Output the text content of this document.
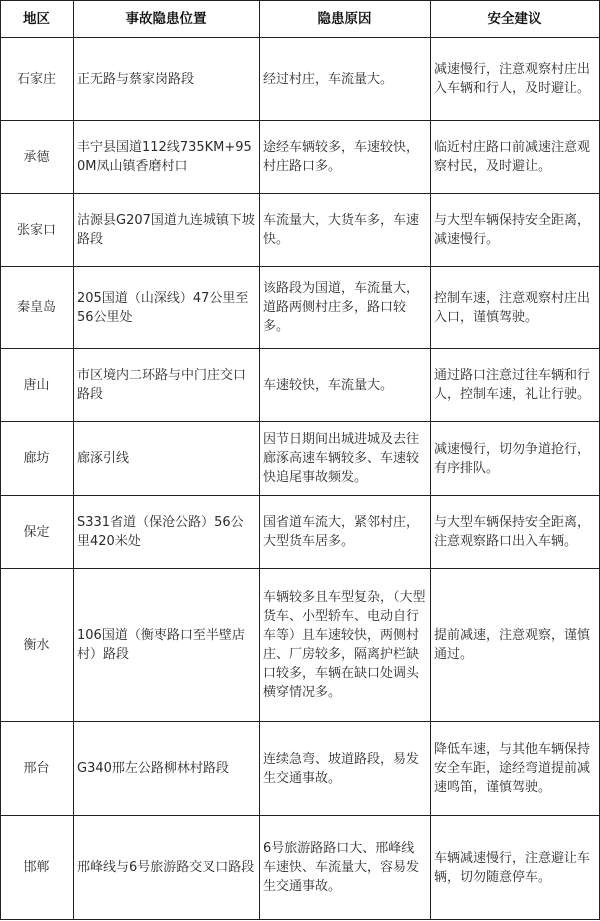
地区	事故隐患位置	隐患原因	安全建议
石家庄	正无路与蔡家岗路段	经过村庄，车流量大。	减速慢行，注意观察村庄出入车辆和行人，及时避让。
承德	丰宁县国道112线735KM+950M凤山镇香磨村口	途经车辆较多，车速较快，村庄路口多。	临近村庄路口前减速注意观察村民，及时避让。
张家口	沽源县G207国道九连城镇下坡路段	车流量大，大货车多，车速快。	与大型车辆保持安全距离，减速慢行。
秦皇岛	205国道（山深线）47公里至56公里处	该路段为国道，车流量大，道路两侧村庄多，路口较多。	控制车速，注意观察村庄出入口，谨慎驾驶。
唐山	市区境内二环路与中门庄交口路段	车速较快，车流量大。	通过路口注意过往车辆和行人，控制车速，礼让行驶。
廊坊	廊涿引线	因节日期间出城进城及去往廊涿高速车辆较多、车速较快追尾事故频发。	减速慢行，切勿争道抢行，有序排队。
保定	S331省道（保沧公路）56公里420米处	国省道车流大，紧邻村庄，大型货车居多。	与大型车辆保持安全距离，注意观察路口出入车辆。
衡水	106国道（衡枣路口至半壁店村）路段	车辆较多且车型复杂，（大型货车、小型轿车、电动自行车等）且车速较快，两侧村庄、厂房较多，隔离护栏缺口较多，车辆在缺口处调头横穿情况多。	提前减速，注意观察，谨慎通过。
邢台	G340邢左公路柳林村路段	连续急弯、坡道路段，易发生交通事故。	降低车速，与其他车辆保持安全车距，途经弯道提前减速鸣笛，谨慎驾驶。
邯郸	邢峰线与6号旅游路交叉口路段	6号旅游路路口大、邢峰线车速快、车流量大，容易发生交通事故。	车辆减速慢行，注意避让车辆，切勿随意停车。
